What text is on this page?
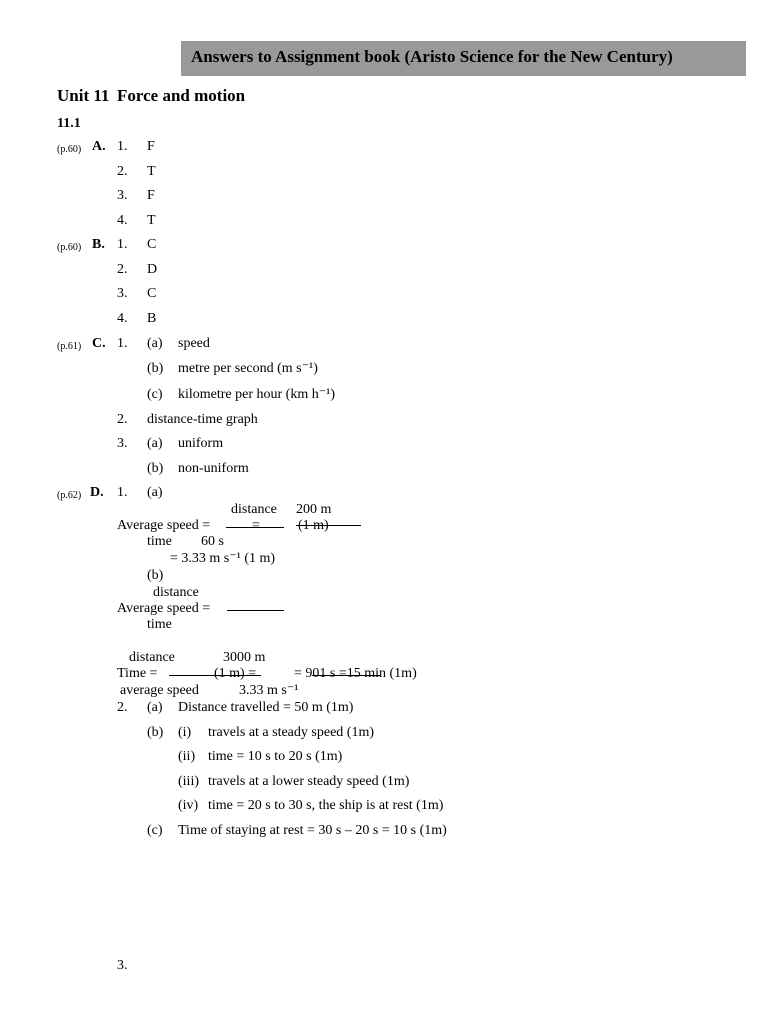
Answers to Assignment book (Aristo Science for the New Century)
Unit 11 Force and motion
11.1
(p.60) A. 1. F
2. T
3. F
4. T
(p.60) B. 1. C
2. D
3. C
4. B
(p.61) C. 1. (a) speed
(b) metre per second (m s⁻¹)
(c) kilometre per hour (km h⁻¹)
2. distance-time graph
3. (a) uniform
(b) non-uniform
(p.62) D. 1. (a)
distance 200 m
Average speed =	=	(1 m)
time 60 s
= 3.33 m s⁻¹ (1 m)
(b)
distance
Average speed =
time
distance	3000 m
Time =	(1 m) =	= 901 s =15 min (1m)
average speed	3.33 m s⁻¹
2. (a) Distance travelled = 50 m (1m)
(b) (i) travels at a steady speed (1m)
(ii) time = 10 s to 20 s (1m)
(iii) travels at a lower steady speed (1m)
(iv) time = 20 s to 30 s, the ship is at rest (1m)
(c) Time of staying at rest = 30 s – 20 s = 10 s (1m)
3.
